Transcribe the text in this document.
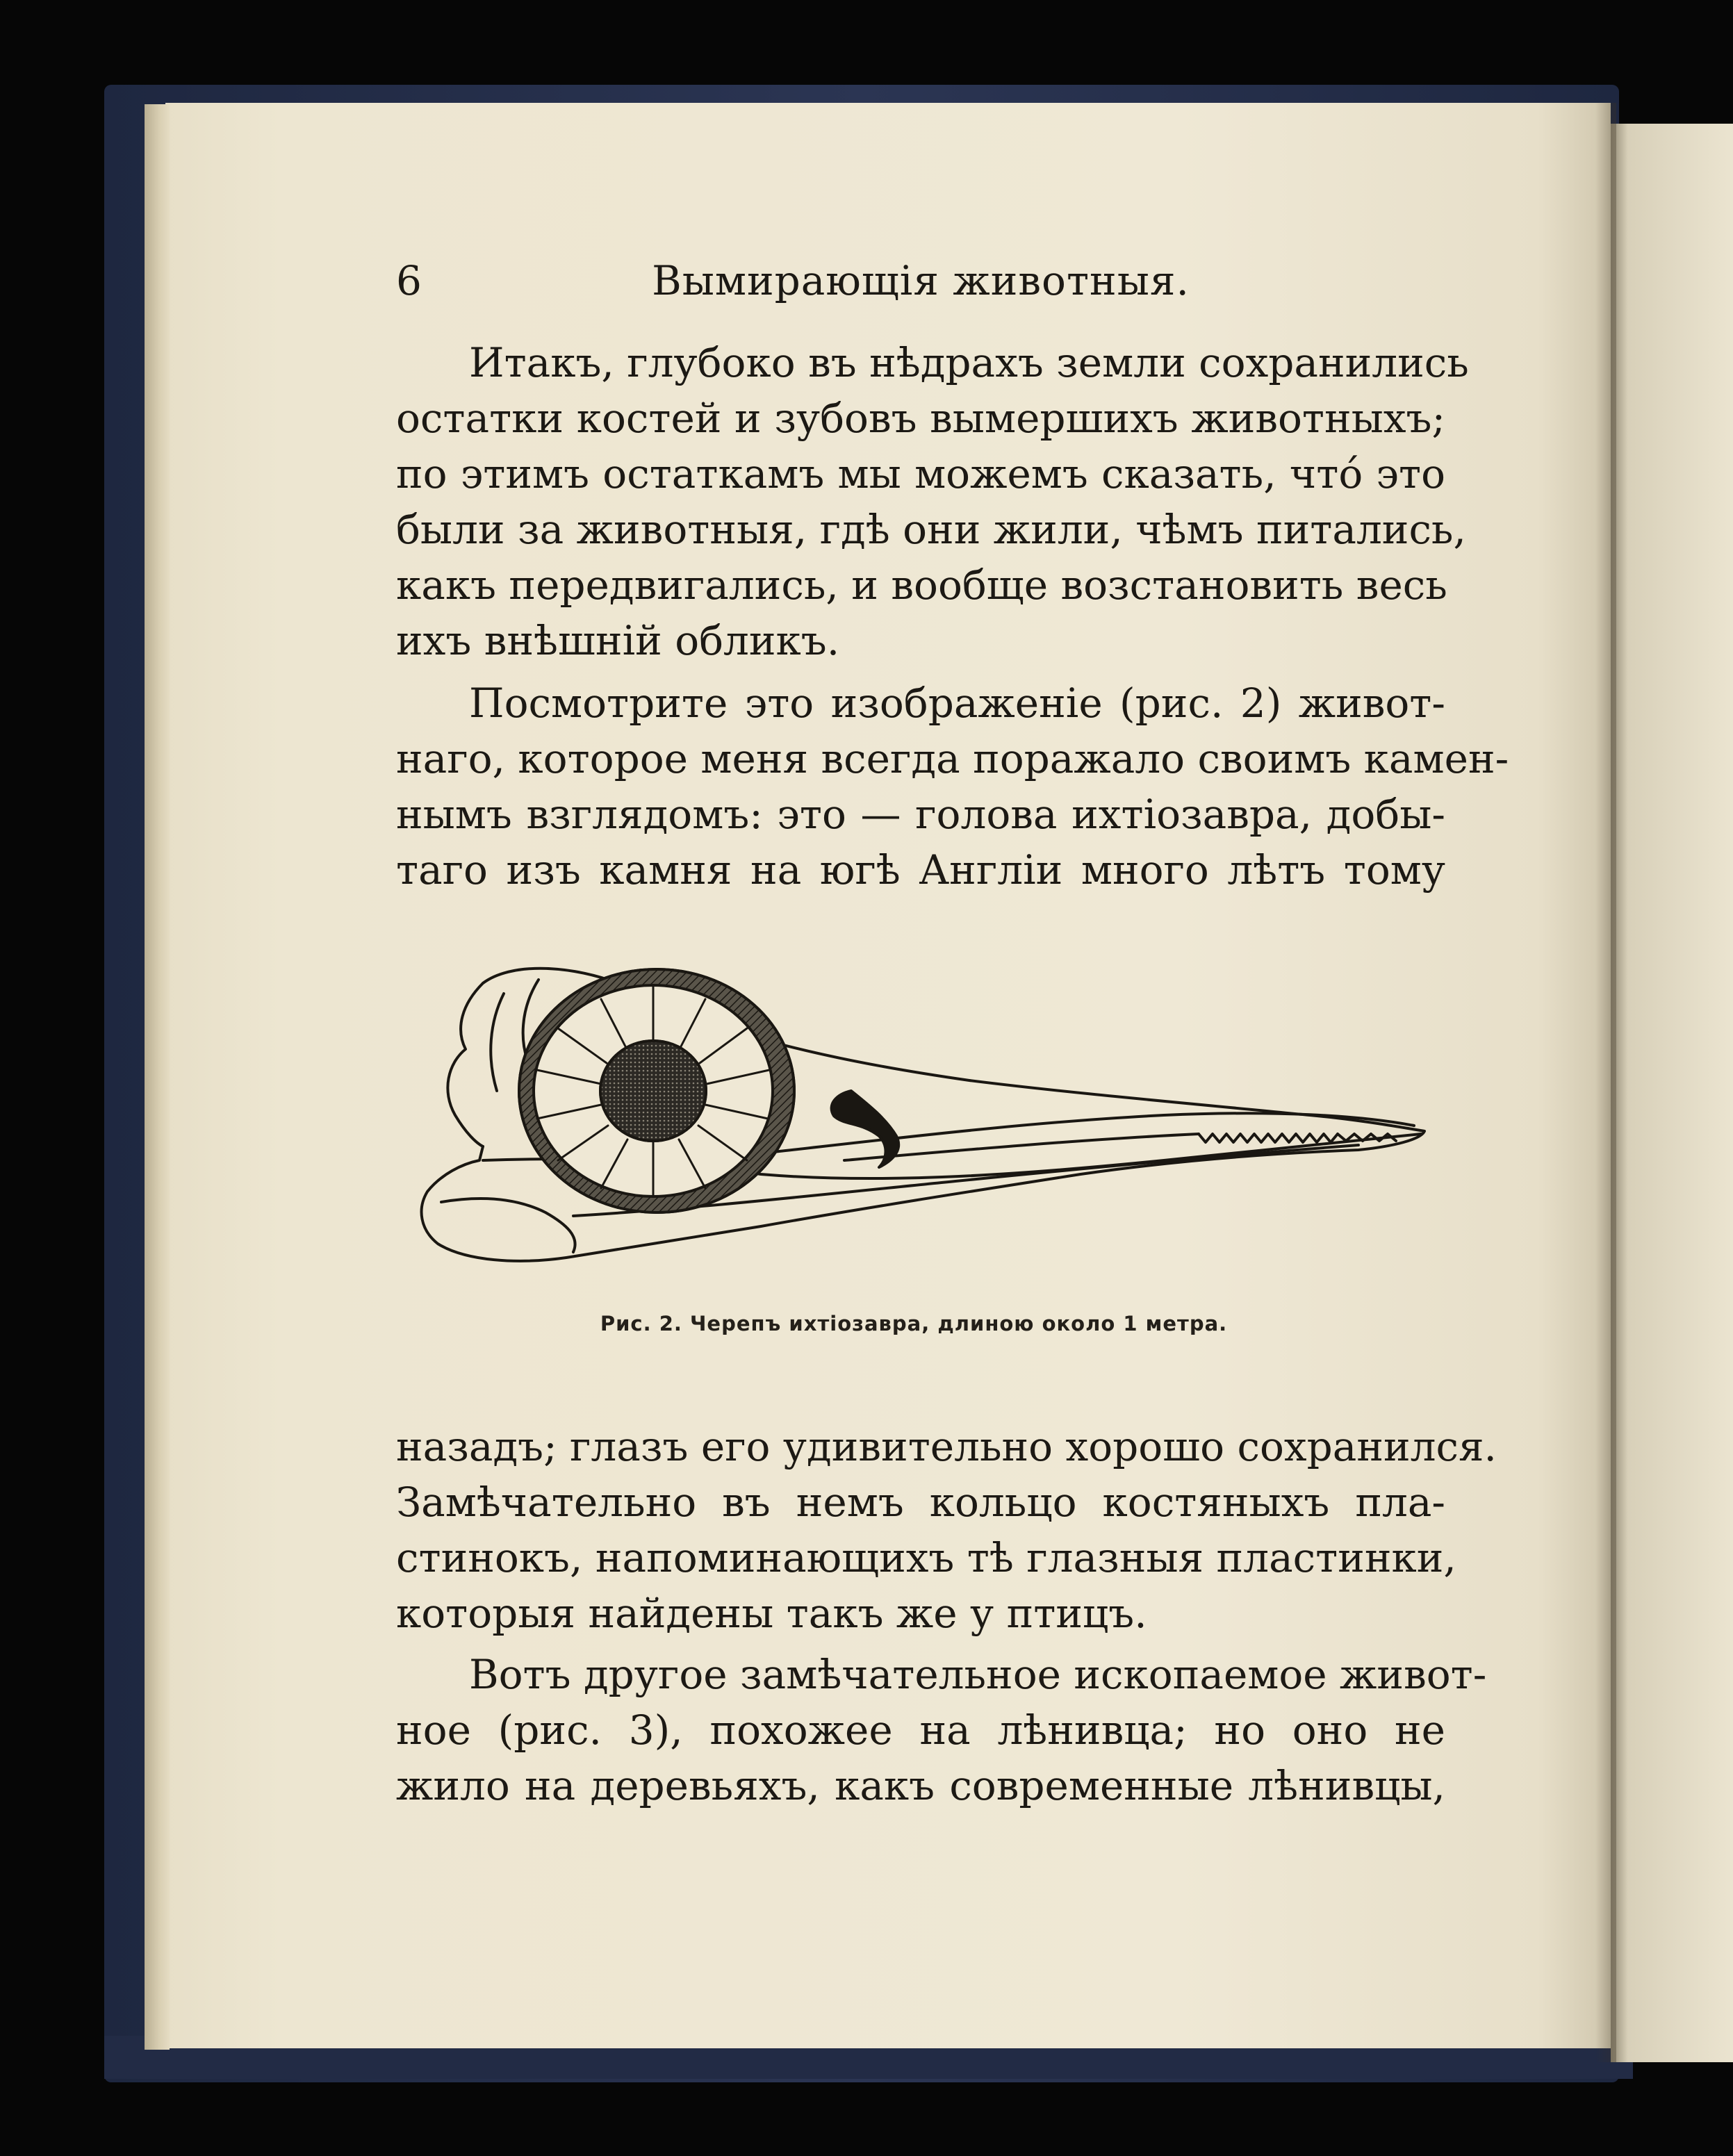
6	Вымирающія животныя.
Итакъ, глубоко въ нѣдрахъ земли сохранились
остатки костей и зубовъ вымершихъ животныхъ;
по этимъ остаткамъ мы можемъ сказать, что́ это
были за животныя, гдѣ они жили, чѣмъ питались,
какъ передвигались, и вообще возстановить весь
ихъ внѣшній обликъ.
Посмотрите это изображеніе (рис. 2) живот-
наго, которое меня всегда поражало своимъ камен-
нымъ взглядомъ: это — голова ихтіозавра, добы-
таго изъ камня на югѣ Англіи много лѣтъ тому
Рис. 2. Черепъ ихтіозавра, длиною около 1 метра.
назадъ; глазъ его удивительно хорошо сохранился.
Замѣчательно въ немъ кольцо костяныхъ пла-
стинокъ, напоминающихъ тѣ глазныя пластинки,
которыя найдены такъ же у птицъ.
Вотъ другое замѣчательное ископаемое живот-
ное (рис. 3), похожее на лѣнивца; но оно не
жило на деревьяхъ, какъ современные лѣнивцы,
